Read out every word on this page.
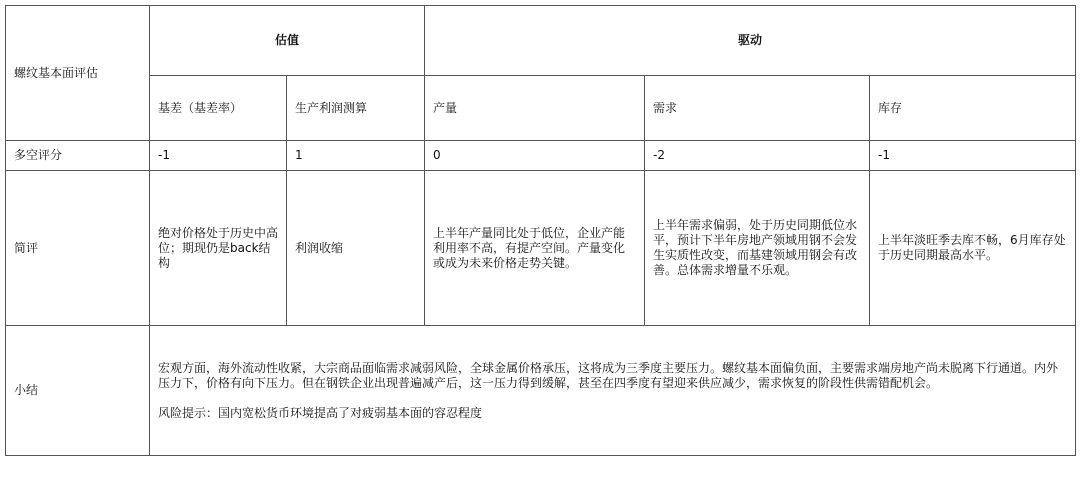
螺纹基本面评估	估值		驱动		
	基差（基差率）	生产利润测算	产量	需求	库存
多空评分	-1	1	0	-2	-1
简评	绝对价格处于历史中高位；期现仍是back结构	利润收缩	上半年产量同比处于低位，企业产能利用率不高，有提产空间。产量变化或成为未来价格走势关键。	上半年需求偏弱，处于历史同期低位水平，预计下半年房地产领域用钢不会发生实质性改变，而基建领域用钢会有改善。总体需求增量不乐观。	上半年淡旺季去库不畅，6月库存处于历史同期最高水平。
小结	宏观方面，海外流动性收紧，大宗商品面临需求减弱风险，全球金属价格承压，这将成为三季度主要压力。螺纹基本面偏负面，主要需求端房地产尚未脱离下行通道。内外压力下，价格有向下压力。但在钢铁企业出现普遍减产后，这一压力得到缓解，甚至在四季度有望迎来供应减少，需求恢复的阶段性供需错配机会。

风险提示：国内宽松货币环境提高了对疲弱基本面的容忍程度				
